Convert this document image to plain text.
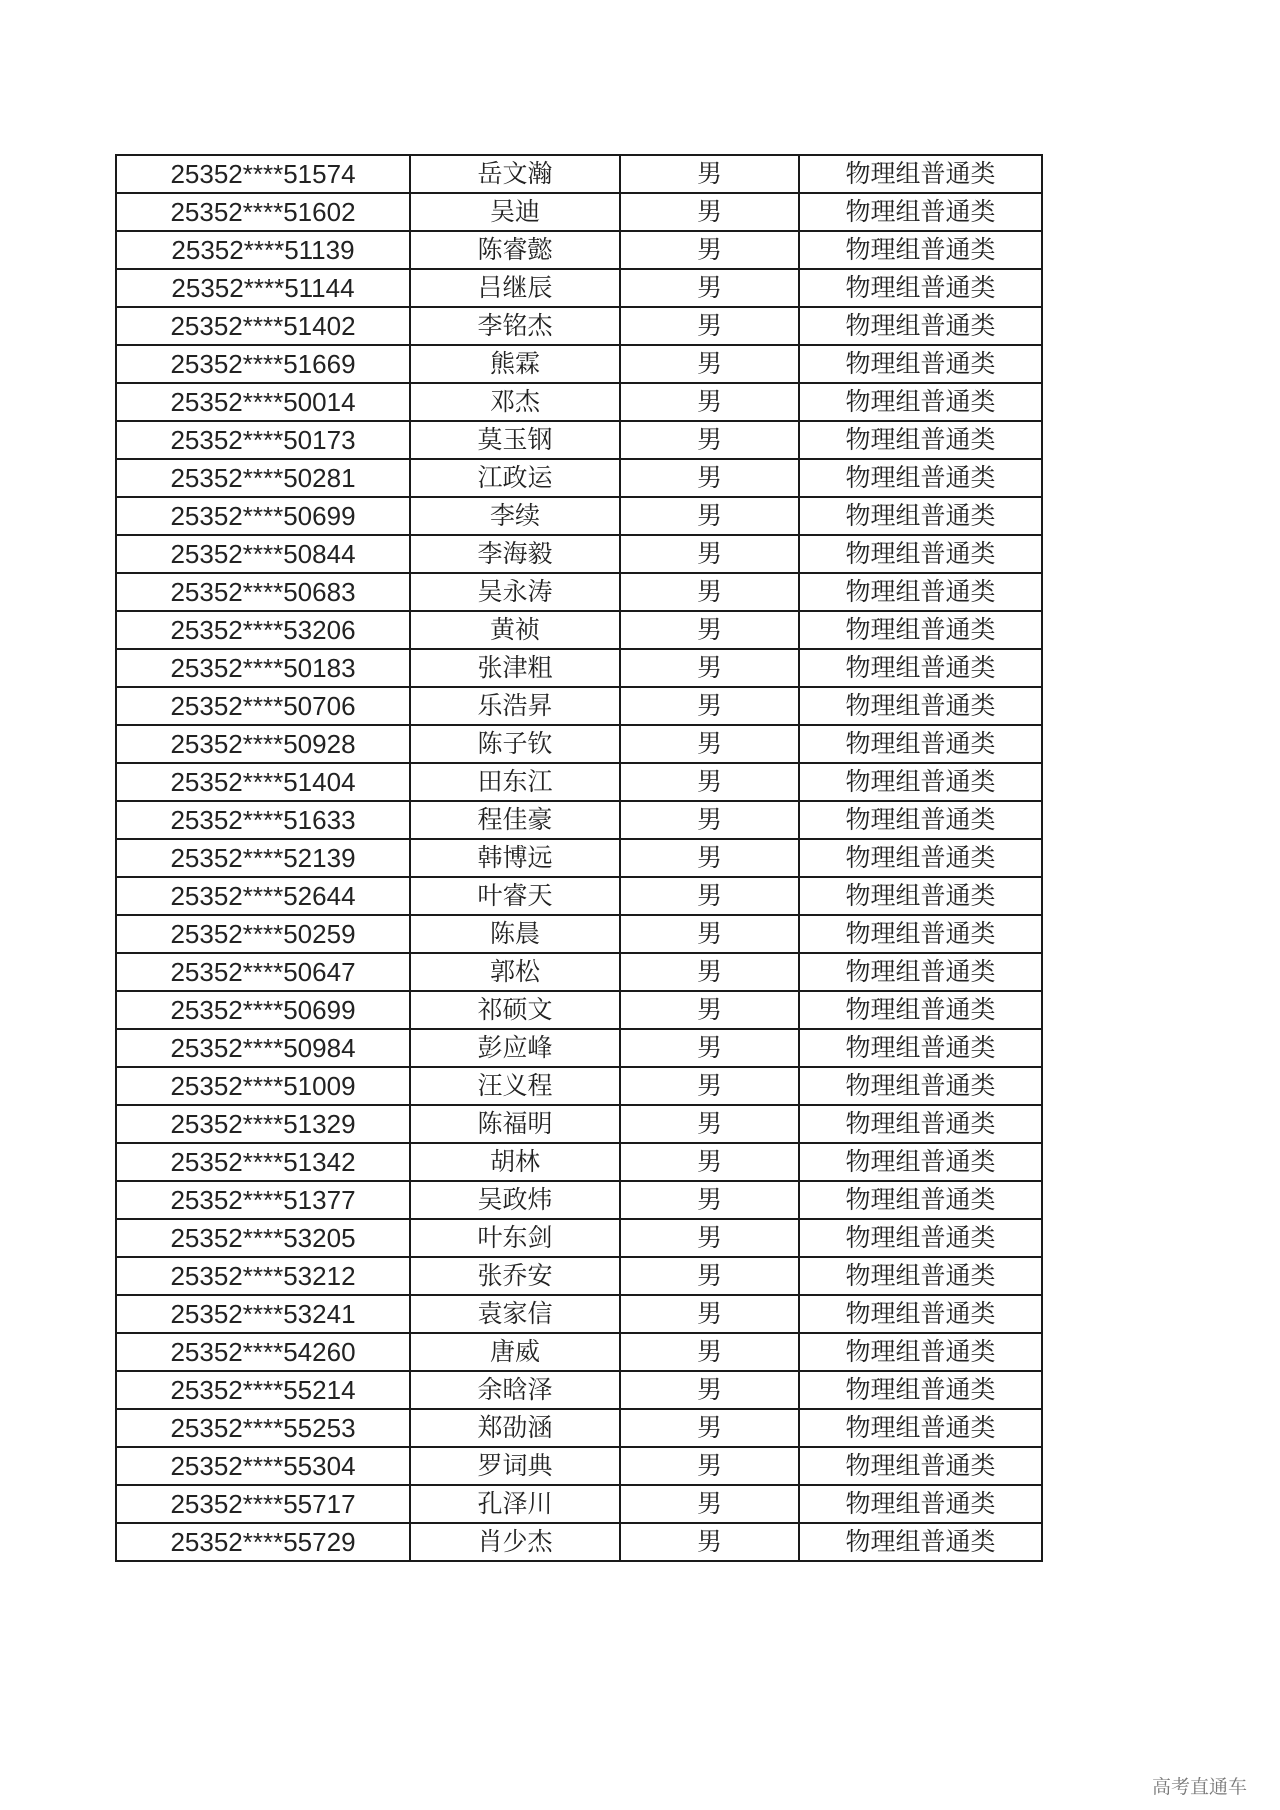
25352****51574	岳文瀚	男	物理组普通类
25352****51602	吴迪	男	物理组普通类
25352****51139	陈睿懿	男	物理组普通类
25352****51144	吕继辰	男	物理组普通类
25352****51402	李铭杰	男	物理组普通类
25352****51669	熊霖	男	物理组普通类
25352****50014	邓杰	男	物理组普通类
25352****50173	莫玉钢	男	物理组普通类
25352****50281	江政运	男	物理组普通类
25352****50699	李续	男	物理组普通类
25352****50844	李海毅	男	物理组普通类
25352****50683	吴永涛	男	物理组普通类
25352****53206	黄祯	男	物理组普通类
25352****50183	张津粗	男	物理组普通类
25352****50706	乐浩昇	男	物理组普通类
25352****50928	陈子钦	男	物理组普通类
25352****51404	田东江	男	物理组普通类
25352****51633	程佳豪	男	物理组普通类
25352****52139	韩博远	男	物理组普通类
25352****52644	叶睿天	男	物理组普通类
25352****50259	陈晨	男	物理组普通类
25352****50647	郭松	男	物理组普通类
25352****50699	祁硕文	男	物理组普通类
25352****50984	彭应峰	男	物理组普通类
25352****51009	汪义程	男	物理组普通类
25352****51329	陈福明	男	物理组普通类
25352****51342	胡林	男	物理组普通类
25352****51377	吴政炜	男	物理组普通类
25352****53205	叶东剑	男	物理组普通类
25352****53212	张乔安	男	物理组普通类
25352****53241	袁家信	男	物理组普通类
25352****54260	唐威	男	物理组普通类
25352****55214	余晗泽	男	物理组普通类
25352****55253	郑劭涵	男	物理组普通类
25352****55304	罗词典	男	物理组普通类
25352****55717	孔泽川	男	物理组普通类
25352****55729	肖少杰	男	物理组普通类
高考直通车
